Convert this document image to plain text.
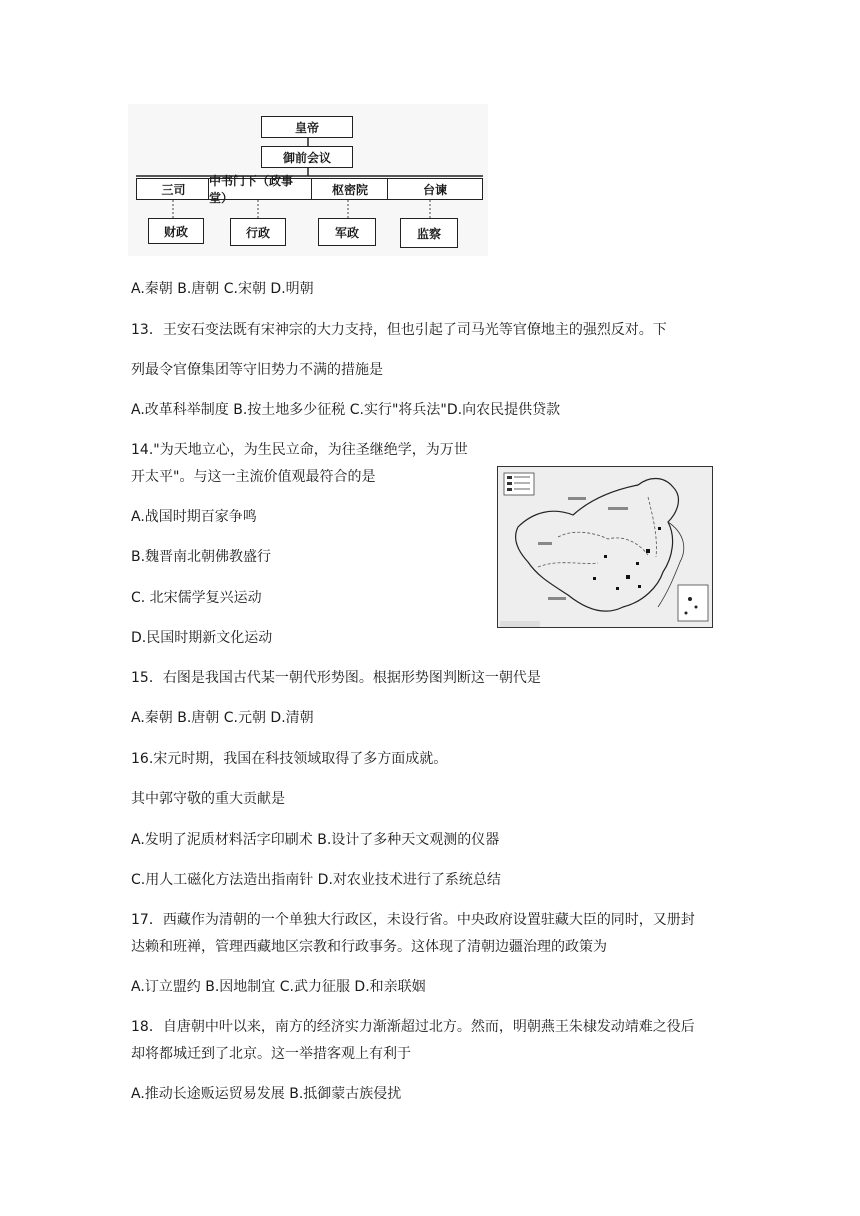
皇帝
御前会议
三司
中书门下（政事堂）
枢密院	台谏
财政	行政	军政	监察
A.秦朝 B.唐朝 C.宋朝 D.明朝
13．王安石变法既有宋神宗的大力支持，但也引起了司马光等官僚地主的强烈反对。下
列最令官僚集团等守旧势力不满的措施是
A.改革科举制度 B.按土地多少征税 C.实行"将兵法"D.向农民提供贷款
14."为天地立心，为生民立命，为往圣继绝学，为万世
开太平"。与这一主流价值观最符合的是
A.战国时期百家争鸣
B.魏晋南北朝佛教盛行
C. 北宋儒学复兴运动
D.民国时期新文化运动
15．右图是我国古代某一朝代形势图。根据形势图判断这一朝代是
A.秦朝 B.唐朝 C.元朝 D.清朝
16.宋元时期，我国在科技领域取得了多方面成就。
其中郭守敬的重大贡献是
A.发明了泥质材料活字印刷术 B.设计了多种天文观测的仪器
C.用人工磁化方法造出指南针 D.对农业技术进行了系统总结
17．西藏作为清朝的一个单独大行政区，未设行省。中央政府设置驻藏大臣的同时，又册封
达赖和班禅，管理西藏地区宗教和行政事务。这体现了清朝边疆治理的政策为
A.订立盟约 B.因地制宜 C.武力征服 D.和亲联姻
18．自唐朝中叶以来，南方的经济实力渐渐超过北方。然而，明朝燕王朱棣发动靖难之役后
却将都城迁到了北京。这一举措客观上有利于
A.推动长途贩运贸易发展 B.抵御蒙古族侵扰
